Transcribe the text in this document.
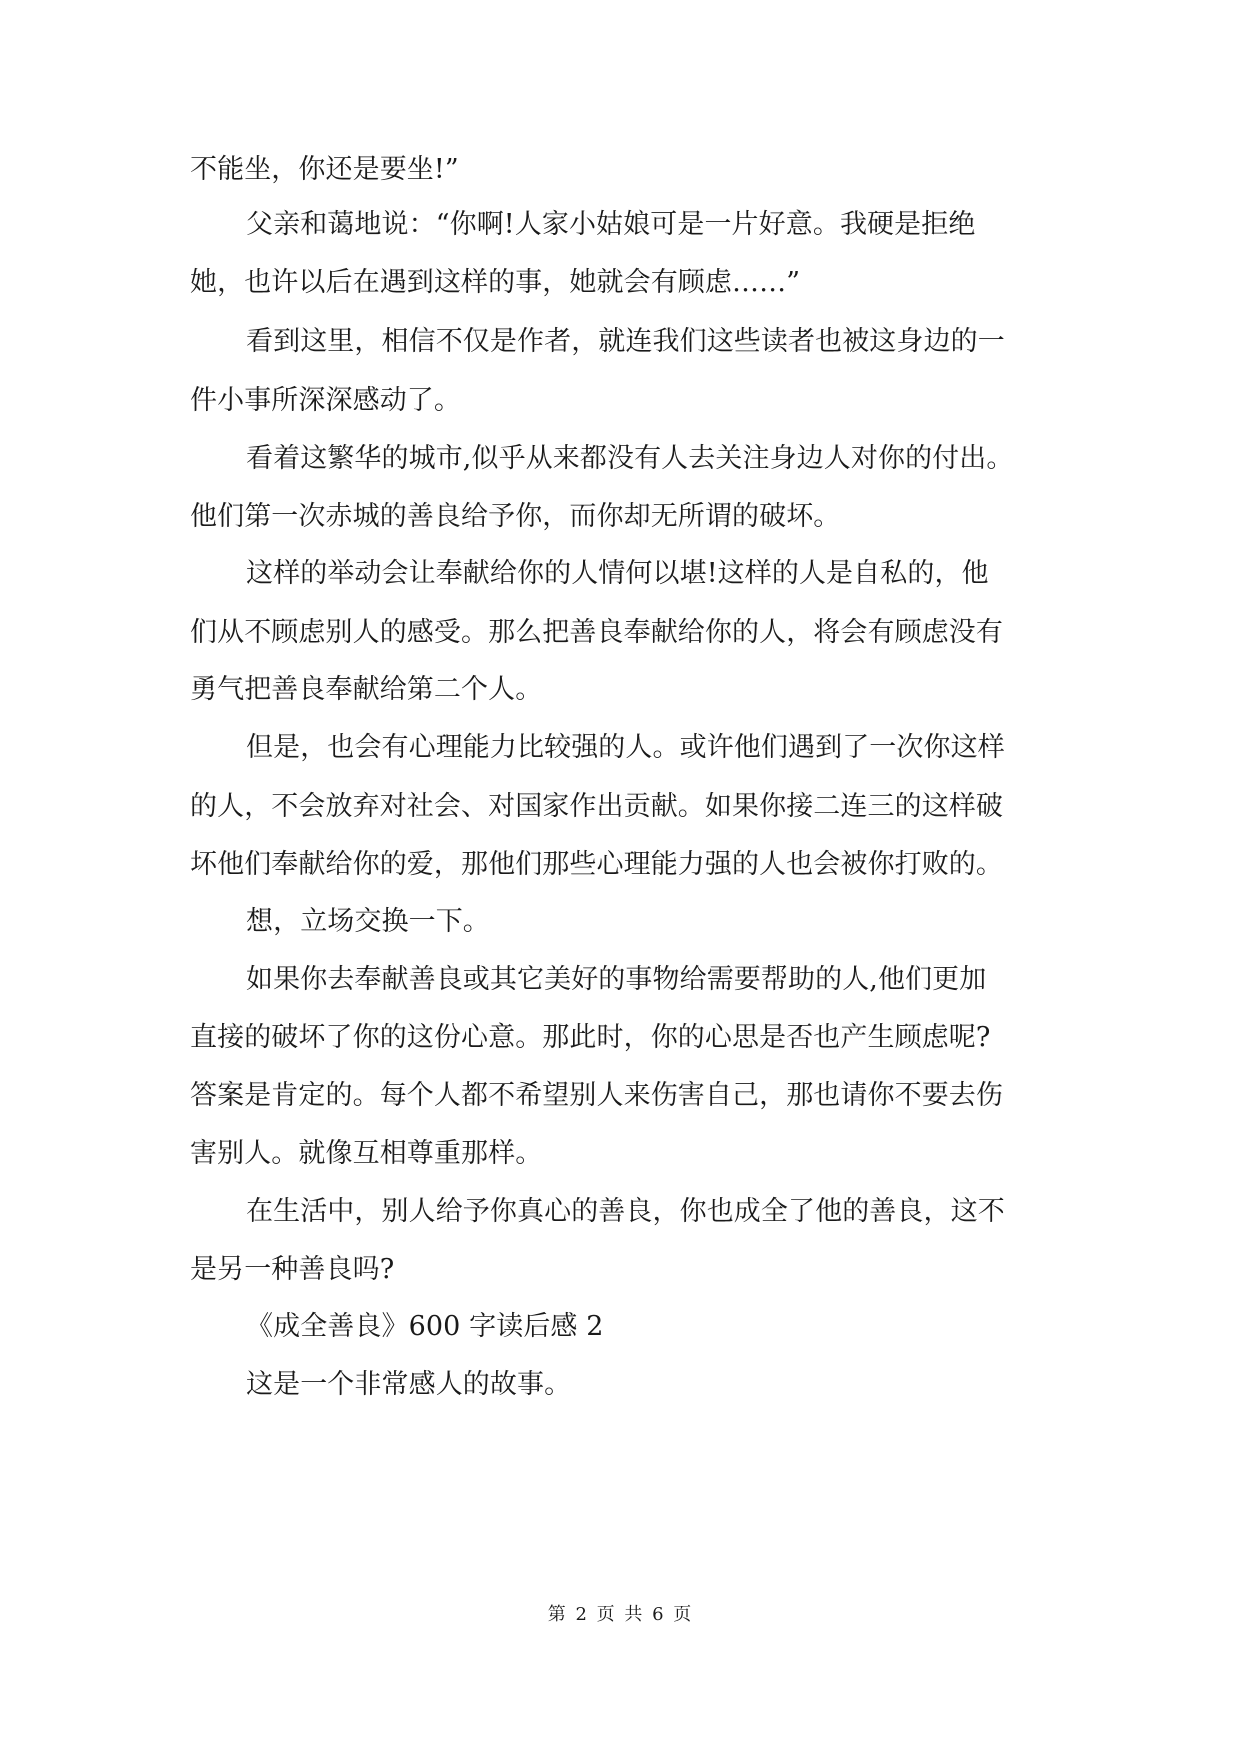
不能坐，你还是要坐!”
父亲和蔼地说：“你啊!人家小姑娘可是一片好意。我硬是拒绝
她，也许以后在遇到这样的事，她就会有顾虑……”
看到这里，相信不仅是作者，就连我们这些读者也被这身边的一
件小事所深深感动了。
看着这繁华的城市,似乎从来都没有人去关注身边人对你的付出。
他们第一次赤城的善良给予你，而你却无所谓的破坏。
这样的举动会让奉献给你的人情何以堪!这样的人是自私的，他
们从不顾虑别人的感受。那么把善良奉献给你的人，将会有顾虑没有
勇气把善良奉献给第二个人。
但是，也会有心理能力比较强的人。或许他们遇到了一次你这样
的人，不会放弃对社会、对国家作出贡献。如果你接二连三的这样破
坏他们奉献给你的爱，那他们那些心理能力强的人也会被你打败的。
想，立场交换一下。
如果你去奉献善良或其它美好的事物给需要帮助的人,他们更加
直接的破坏了你的这份心意。那此时，你的心思是否也产生顾虑呢?
答案是肯定的。每个人都不希望别人来伤害自己，那也请你不要去伤
害别人。就像互相尊重那样。
在生活中，别人给予你真心的善良，你也成全了他的善良，这不
是另一种善良吗?
《成全善良》600 字读后感 2
这是一个非常感人的故事。
第 2 页 共 6 页
